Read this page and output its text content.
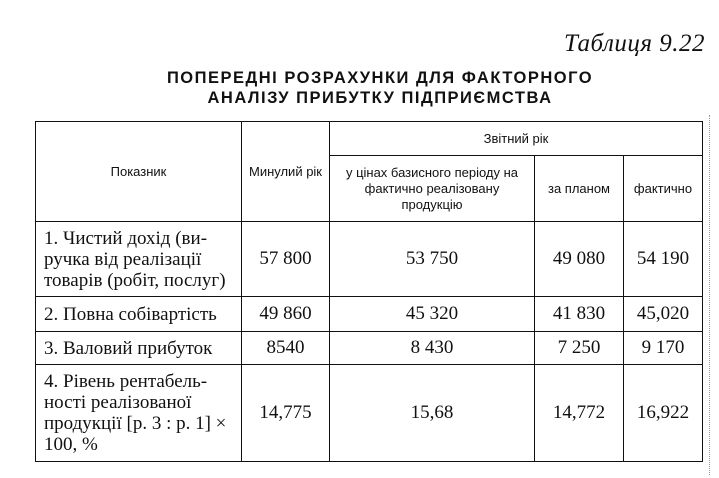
Таблиця 9.22
ПОПЕРЕДНІ РОЗРАХУНКИ ДЛЯ ФАКТОРНОГО
АНАЛІЗУ ПРИБУТКУ ПІДПРИЄМСТВА
Показник	Минулий рік	Звітний рік		
		у цінах базисного періоду на фактично реалізовану продукцію	за планом	фактично
1. Чистий дохід (ви-ручка від реалізації товарів (робіт, послуг)	57 800	53 750	49 080	54 190
2. Повна собівартість	49 860	45 320	41 830	45,020
3. Валовий прибуток	8540	8 430	7 250	9 170
4. Рівень рентабель-ності реалізованої продукції [р. 3 : р. 1] × 100, %	14,775	15,68	14,772	16,922
